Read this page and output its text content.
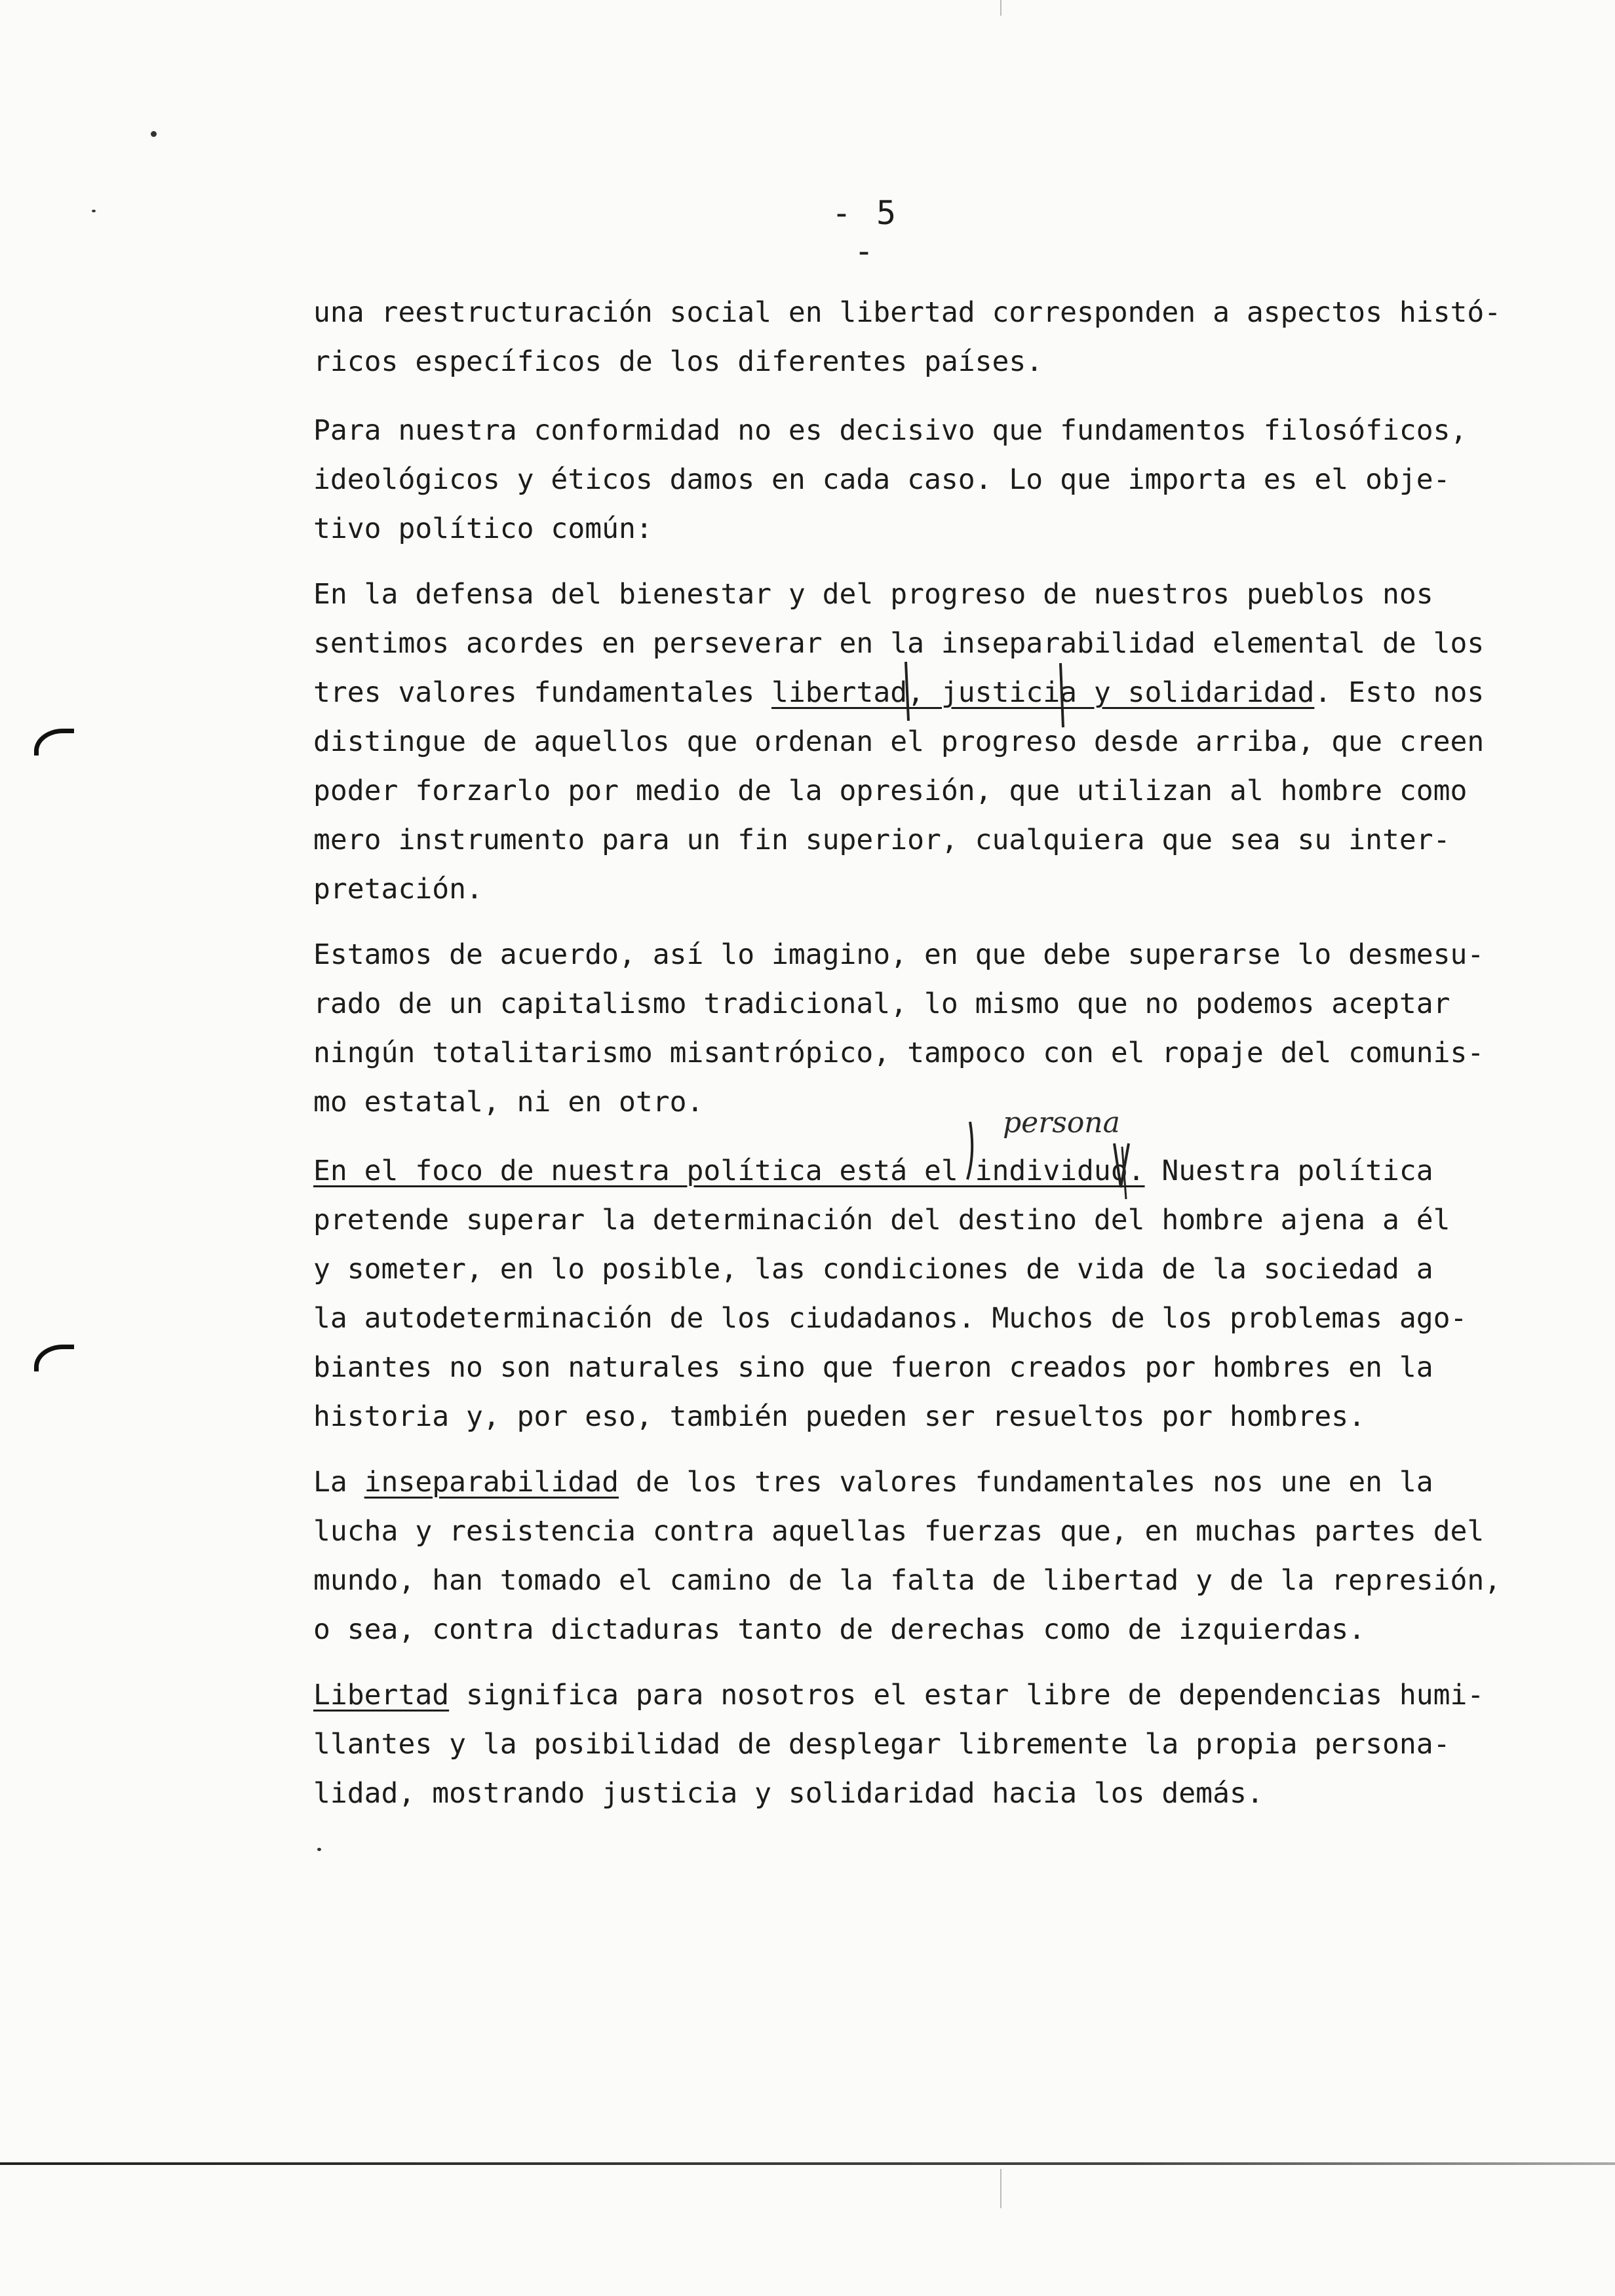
- 5 -
una reestructuración social en libertad corresponden a aspectos histó-
ricos específicos de los diferentes países.
Para nuestra conformidad no es decisivo que fundamentos filosóficos,
ideológicos y éticos damos en cada caso. Lo que importa es el obje-
tivo político común:
En la defensa del bienestar y del progreso de nuestros pueblos nos
sentimos acordes en perseverar en la inseparabilidad elemental de los
tres valores fundamentales libertad, justicia y solidaridad. Esto nos
distingue de aquellos que ordenan el progreso desde arriba, que creen
poder forzarlo por medio de la opresión, que utilizan al hombre como
mero instrumento para un fin superior, cualquiera que sea su inter-
pretación.
Estamos de acuerdo, así lo imagino, en que debe superarse lo desmesu-
rado de un capitalismo tradicional, lo mismo que no podemos aceptar
ningún totalitarismo misantrópico, tampoco con el ropaje del comunis-
mo estatal, ni en otro.
En el foco de nuestra política está el individuo. Nuestra política
pretende superar la determinación del destino del hombre ajena a él
y someter, en lo posible, las condiciones de vida de la sociedad a
la autodeterminación de los ciudadanos. Muchos de los problemas ago-
biantes no son naturales sino que fueron creados por hombres en la
historia y, por eso, también pueden ser resueltos por hombres.
La inseparabilidad de los tres valores fundamentales nos une en la
lucha y resistencia contra aquellas fuerzas que, en muchas partes del
mundo, han tomado el camino de la falta de libertad y de la represión,
o sea, contra dictaduras tanto de derechas como de izquierdas.
Libertad significa para nosotros el estar libre de dependencias humi-
llantes y la posibilidad de desplegar libremente la propia persona-
lidad, mostrando justicia y solidaridad hacia los demás.
persona
